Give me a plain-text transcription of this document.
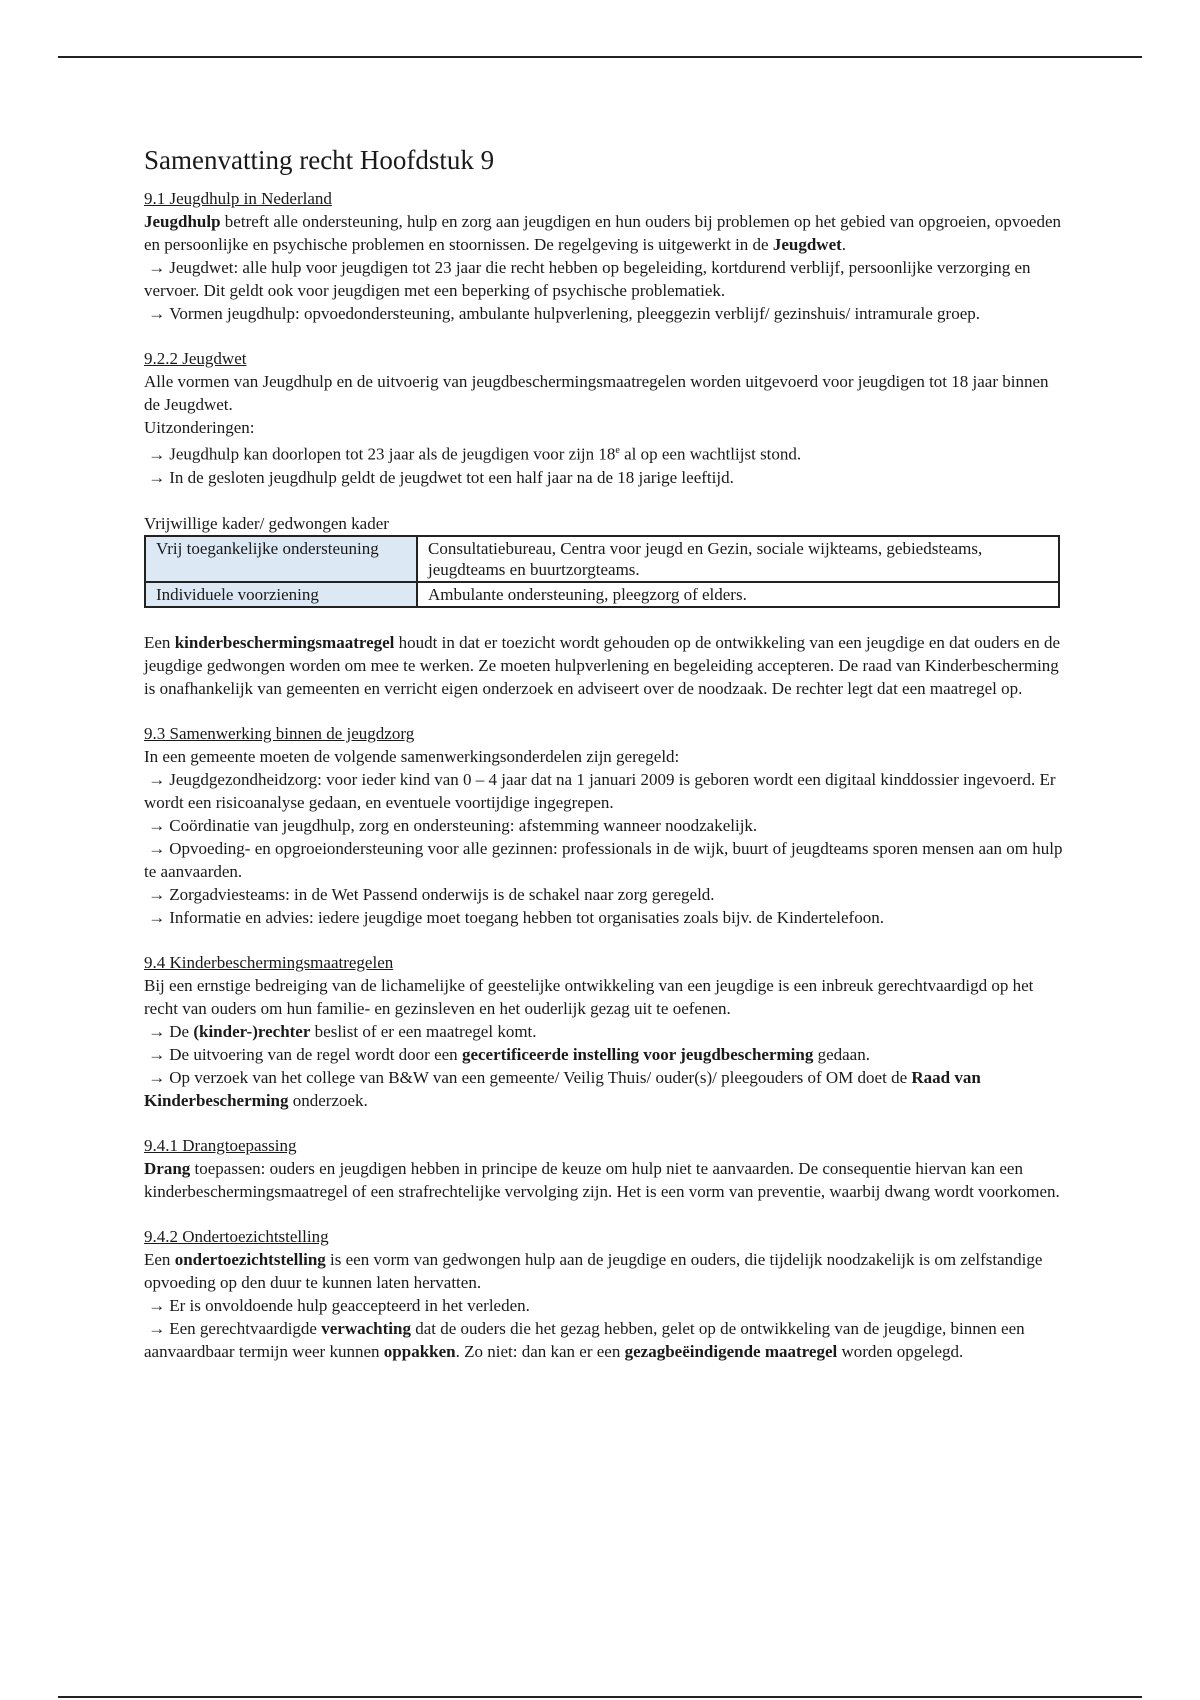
Samenvatting recht Hoofdstuk 9
9.1 Jeugdhulp in Nederland

Jeugdhulp betreft alle ondersteuning, hulp en zorg aan jeugdigen en hun ouders bij problemen op het gebied van opgroeien, opvoeden en persoonlijke en psychische problemen en stoornissen. De regelgeving is uitgewerkt in de Jeugdwet.

→ Jeugdwet: alle hulp voor jeugdigen tot 23 jaar die recht hebben op begeleiding, kortdurend verblijf, persoonlijke verzorging en vervoer. Dit geldt ook voor jeugdigen met een beperking of psychische problematiek.

→ Vormen jeugdhulp: opvoedondersteuning, ambulante hulpverlening, pleeggezin verblijf/ gezinshuis/ intramurale groep.

9.2.2 Jeugdwet

Alle vormen van Jeugdhulp en de uitvoerig van jeugdbeschermingsmaatregelen worden uitgevoerd voor jeugdigen tot 18 jaar binnen de Jeugdwet.

Uitzonderingen:

→ Jeugdhulp kan doorlopen tot 23 jaar als de jeugdigen voor zijn 18e al op een wachtlijst stond.

→ In de gesloten jeugdhulp geldt de jeugdwet tot een half jaar na de 18 jarige leeftijd.

Vrijwillige kader/ gedwongen kader

Vrij toegankelijke ondersteuning	Consultatiebureau, Centra voor jeugd en Gezin, sociale wijkteams, gebiedsteams, jeugdteams en buurtzorgteams.
Individuele voorziening	Ambulante ondersteuning, pleegzorg of elders.

Een kinderbeschermingsmaatregel houdt in dat er toezicht wordt gehouden op de ontwikkeling van een jeugdige en dat ouders en de jeugdige gedwongen worden om mee te werken. Ze moeten hulpverlening en begeleiding accepteren. De raad van Kinderbescherming is onafhankelijk van gemeenten en verricht eigen onderzoek en adviseert over de noodzaak. De rechter legt dat een maatregel op.

9.3 Samenwerking binnen de jeugdzorg

In een gemeente moeten de volgende samenwerkingsonderdelen zijn geregeld:

→ Jeugdgezondheidzorg: voor ieder kind van 0 – 4 jaar dat na 1 januari 2009 is geboren wordt een digitaal kinddossier ingevoerd. Er wordt een risicoanalyse gedaan, en eventuele voortijdige ingegrepen.

→ Coördinatie van jeugdhulp, zorg en ondersteuning: afstemming wanneer noodzakelijk.

→ Opvoeding- en opgroeiondersteuning voor alle gezinnen: professionals in de wijk, buurt of jeugdteams sporen mensen aan om hulp te aanvaarden.

→ Zorgadviesteams: in de Wet Passend onderwijs is de schakel naar zorg geregeld.

→ Informatie en advies: iedere jeugdige moet toegang hebben tot organisaties zoals bijv. de Kindertelefoon.

9.4 Kinderbeschermingsmaatregelen

Bij een ernstige bedreiging van de lichamelijke of geestelijke ontwikkeling van een jeugdige is een inbreuk gerechtvaardigd op het recht van ouders om hun familie- en gezinsleven en het ouderlijk gezag uit te oefenen.

→ De (kinder-)rechter beslist of er een maatregel komt.

→ De uitvoering van de regel wordt door een gecertificeerde instelling voor jeugdbescherming gedaan.

→ Op verzoek van het college van B&W van een gemeente/ Veilig Thuis/ ouder(s)/ pleegouders of OM doet de Raad van Kinderbescherming onderzoek.

9.4.1 Drangtoepassing

Drang toepassen: ouders en jeugdigen hebben in principe de keuze om hulp niet te aanvaarden. De consequentie hiervan kan een kinderbeschermingsmaatregel of een strafrechtelijke vervolging zijn. Het is een vorm van preventie, waarbij dwang wordt voorkomen.

9.4.2 Ondertoezichtstelling

Een ondertoezichtstelling is een vorm van gedwongen hulp aan de jeugdige en ouders, die tijdelijk noodzakelijk is om zelfstandige opvoeding op den duur te kunnen laten hervatten.

→ Er is onvoldoende hulp geaccepteerd in het verleden.

→ Een gerechtvaardigde verwachting dat de ouders die het gezag hebben, gelet op de ontwikkeling van de jeugdige, binnen een aanvaardbaar termijn weer kunnen oppakken. Zo niet: dan kan er een gezagbeëindigende maatregel worden opgelegd.
